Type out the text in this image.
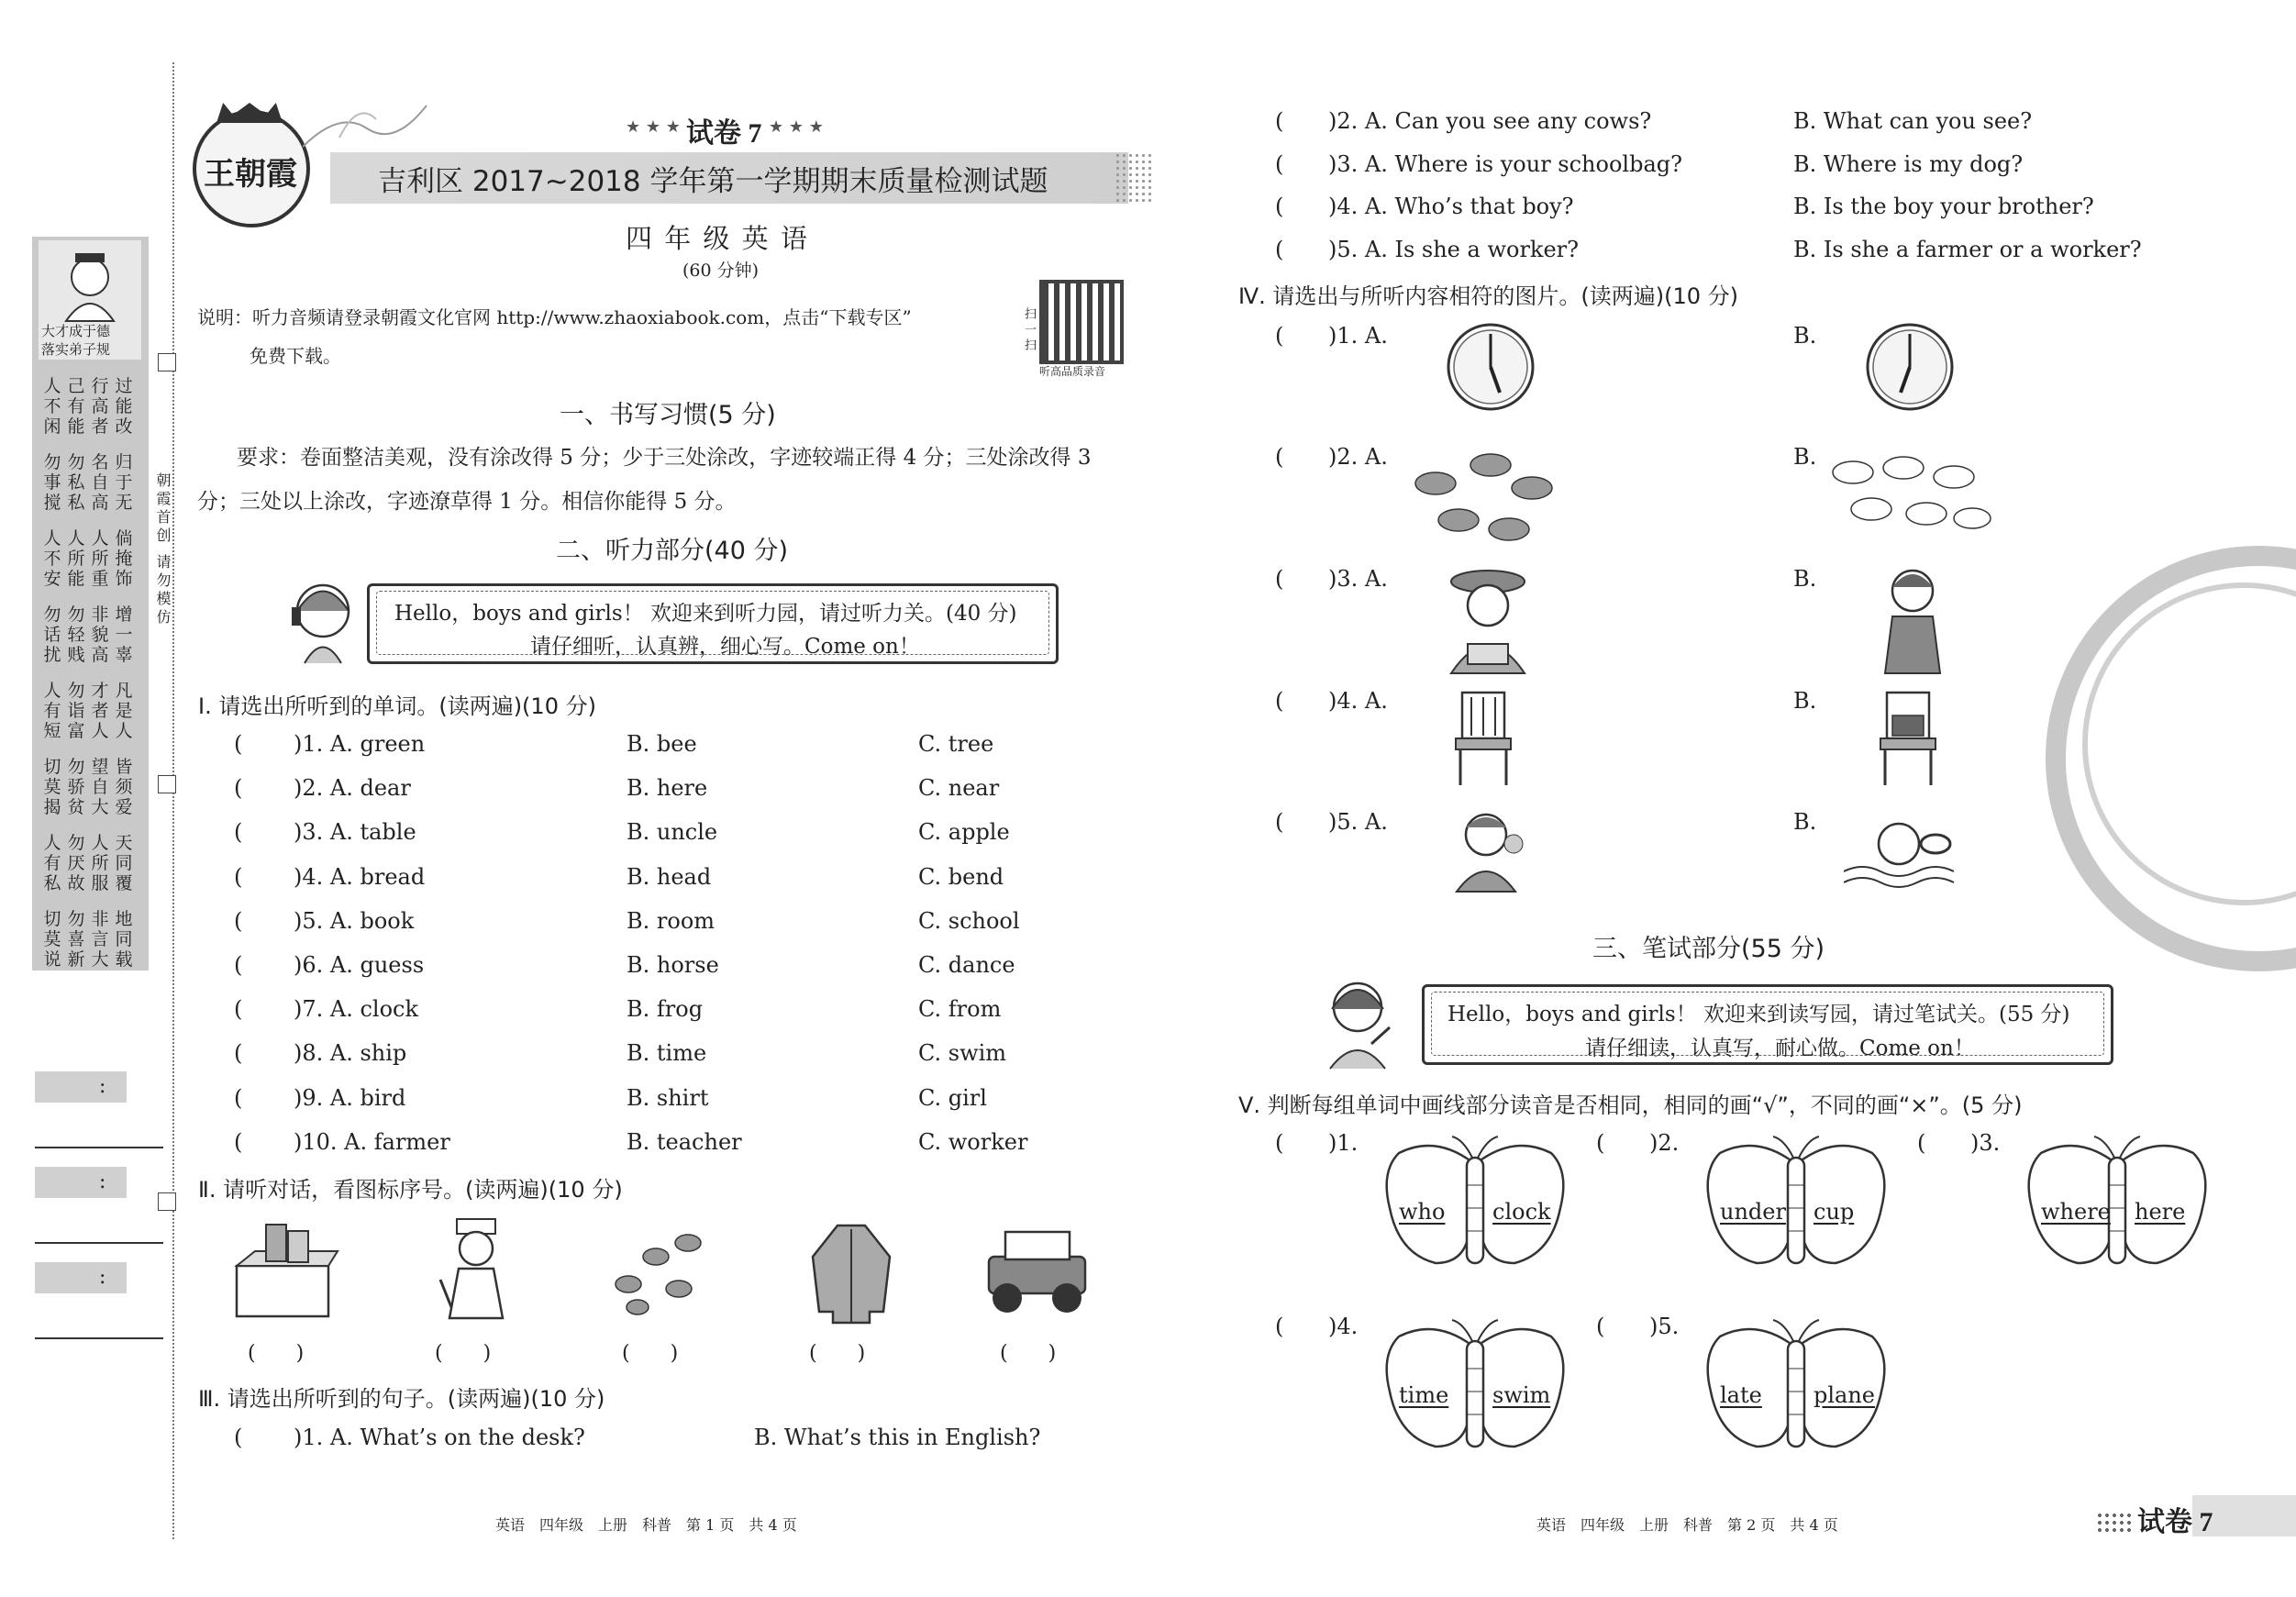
大才成于德
落实弟子规
朝霞首创 请勿模仿
:
:
:
王朝霞
★ ★ ★ 试卷 7 ★ ★ ★
吉利区 2017~2018 学年第一学期期末质量检测试题
四 年 级 英 语
(60 分钟)
说明：听力音频请登录朝霞文化官网 http://www.zhaoxiabook.com，点击“下载专区”
免费下载。
扫 一 扫
听高品质录音
一、书写习惯(5 分)
要求：卷面整洁美观，没有涂改得 5 分；少于三处涂改，字迹较端正得 4 分；三处涂改得 3
分；三处以上涂改，字迹潦草得 1 分。相信你能得 5 分。
二、听力部分(40 分)
Hello，boys and girls！ 欢迎来到听力园，请过听力关。(40 分)
请仔细听，认真辨，细心写。Come on！
Ⅰ. 请选出所听到的单词。(读两遍)(10 分)
Ⅱ. 请听对话，看图标序号。(读两遍)(10 分)
(　　)	(　　)	(　　)	(　　)	(　　)
Ⅲ. 请选出所听到的句子。(读两遍)(10 分)
( )1. A. What’s on the desk?	B. What’s this in English?
英语　四年级　上册　科普　第 1 页　共 4 页
Ⅳ. 请选出与所听内容相符的图片。(读两遍)(10 分)
三、笔试部分(55 分)
Hello，boys and girls！ 欢迎来到读写园，请过笔试关。(55 分)
请仔细读，认真写，耐心做。Come on！
Ⅴ. 判断每组单词中画线部分读音是否相同，相同的画“√”，不同的画“×”。(5 分)
英语　四年级　上册　科普　第 2 页　共 4 页	试卷 7
人不闲
己有能
行高者
过能改
勿事搅
勿私私
名自高
归于无
人不安
人所能
人所重
倘掩饰
勿话扰
勿轻贱
非貌高
增一辜
人有短
勿诣富
才者人
凡是人
切莫揭
勿骄贫
望自大
皆须爱
人有私
勿厌故
人所服
天同覆
切莫说
勿喜新
非言大
地同载
( )1. A. green	B. bee	C. tree
( )2. A. dear	B. here	C. near
( )3. A. table	B. uncle	C. apple
( )4. A. bread	B. head	C. bend
( )5. A. book	B. room	C. school
( )6. A. guess	B. horse	C. dance
( )7. A. clock	B. frog	C. from
( )8. A. ship	B. time	C. swim
( )9. A. bird	B. shirt	C. girl
( )10. A. farmer	B. teacher	C. worker
( )2. A. Can you see any cows?	B. What can you see?
( )3. A. Where is your schoolbag?	B. Where is my dog?
( )4. A. Who’s that boy?	B. Is the boy your brother?
( )5. A. Is she a worker?	B. Is she a farmer or a worker?
( )1. A.	B.
( )2. A.	B.
( )3. A.	B.
( )4. A.	B.
( )5. A.	B.
( )1.
who clock
( )2.
under cup
( )3.
where here
( )4.
time swim
( )5.
late plane
